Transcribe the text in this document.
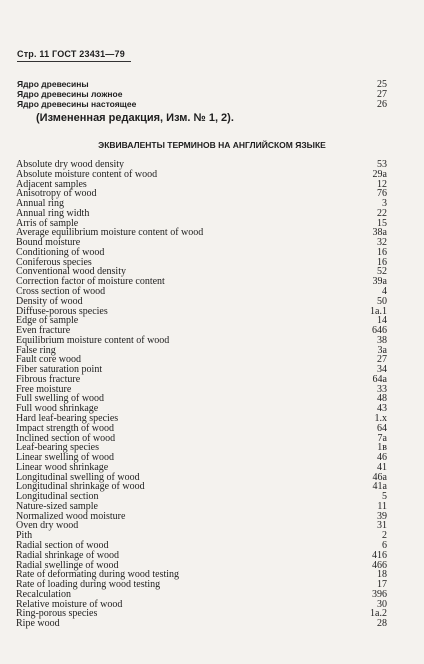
Стр. 11 ГОСТ 23431—79
Ядро древесины	25
Ядро древесины ложное	27
Ядро древесины настоящее	26
(Измененная редакция, Изм. № 1, 2).
ЭКВИВАЛЕНТЫ ТЕРМИНОВ НА АНГЛИЙСКОМ ЯЗЫКЕ
Absolute dry wood density	53
Absolute moisture content of wood	29a
Adjacent samples	12
Anisotropy of wood	76
Annual ring	3
Annual ring width	22
Arris of sample	15
Average equilibrium moisture content of wood	38a
Bound moisture	32
Conditioning of wood	16
Coniferous species	16
Conventional wood density	52
Correction factor of moisture content	39a
Cross section of wood	4
Density of wood	50
Diffuse-porous species	1a.1
Edge of sample	14
Even fracture	646
Equilibrium moisture content of wood	38
False ring	3a
Fault core wood	27
Fiber saturation point	34
Fibrous fracture	64a
Free moisture	33
Full swelling of wood	48
Full wood shrinkage	43
Hard leaf-bearing species	1.x
Impact strength of wood	64
Inclined section of wood	7a
Leaf-bearing species	1в
Linear swelling of wood	46
Linear wood shrinkage	41
Longitudinal swelling of wood	46a
Longitudinal shrinkage of wood	41a
Longitudinal section	5
Nature-sized sample	11
Normalized wood moisture	39
Oven dry wood	31
Pith	2
Radial section of wood	6
Radial shrinkage of wood	416
Radial swellinge of wood	466
Rate of deformating during wood testing	18
Rate of loading during wood testing	17
Recalculation	396
Relative moisture of wood	30
Ring-porous species	1a.2
Ripe wood	28
